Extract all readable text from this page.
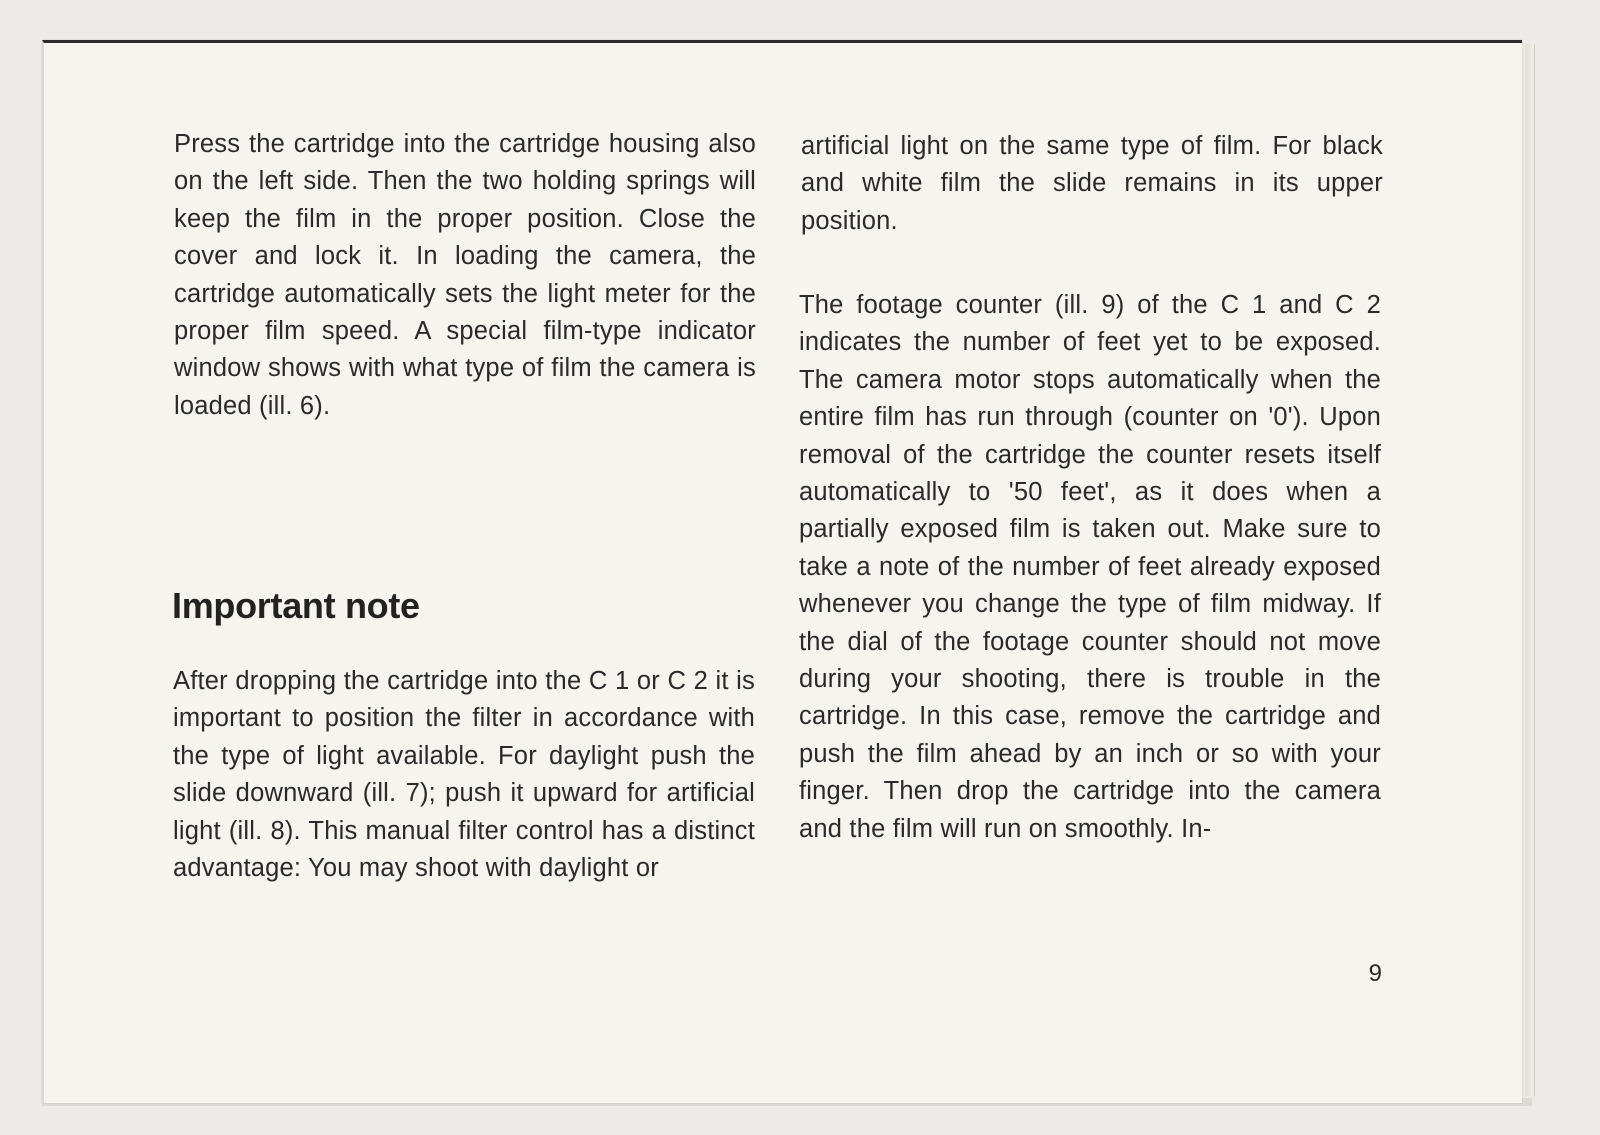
Press the cartridge into the cartridge housing also on the left side. Then the two holding springs will keep the film in the proper position. Close the cover and lock it. In loading the camera, the cartridge automatically sets the light meter for the proper film speed. A special film-type indicator window shows with what type of film the camera is loaded (ill. 6).

Important note

After dropping the cartridge into the C 1 or C 2 it is important to position the filter in accordance with the type of light available. For daylight push the slide downward (ill. 7); push it upward for artificial light (ill. 8). This manual filter control has a distinct advantage: You may shoot with daylight or

artificial light on the same type of film. For black and white film the slide remains in its upper position.

The footage counter (ill. 9) of the C 1 and C 2 indicates the number of feet yet to be exposed. The camera motor stops automatically when the entire film has run through (counter on '0'). Upon removal of the cartridge the counter resets itself automatically to '50 feet', as it does when a partially exposed film is taken out. Make sure to take a note of the number of feet already exposed whenever you change the type of film midway. If the dial of the footage counter should not move during your shooting, there is trouble in the cartridge. In this case, remove the cartridge and push the film ahead by an inch or so with your finger. Then drop the cartridge into the camera and the film will run on smoothly. In-

9
